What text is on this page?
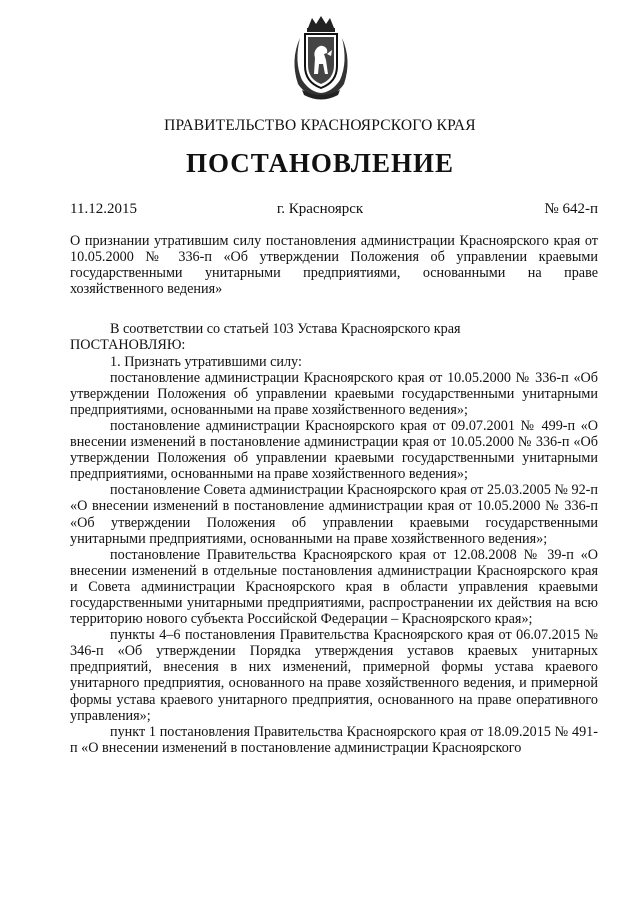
ПРАВИТЕЛЬСТВО КРАСНОЯРСКОГО КРАЯ
ПОСТАНОВЛЕНИЕ
11.12.2015	г. Красноярск	№ 642-п

О признании утратившим силу постановления администрации Красноярского края от 10.05.2000 № 336-п «Об утверждении Положения об управлении краевыми государственными унитарными предприятиями, основанными на праве хозяйственного ведения»

В соответствии со статьей 103 Устава Красноярского края

ПОСТАНОВЛЯЮ:

1. Признать утратившими силу:

постановление администрации Красноярского края от 10.05.2000 № 336-п «Об утверждении Положения об управлении краевыми государственными унитарными предприятиями, основанными на праве хозяйственного ведения»;

постановление администрации Красноярского края от 09.07.2001 № 499-п «О внесении изменений в постановление администрации края от 10.05.2000 № 336-п «Об утверждении Положения об управлении краевыми государственными унитарными предприятиями, основанными на праве хозяйственного ведения»;

постановление Совета администрации Красноярского края от 25.03.2005 № 92-п «О внесении изменений в постановление администрации края от 10.05.2000 № 336-п «Об утверждении Положения об управлении краевыми государственными унитарными предприятиями, основанными на праве хозяйственного ведения»;

постановление Правительства Красноярского края от 12.08.2008 № 39-п «О внесении изменений в отдельные постановления администрации Красноярского края и Совета администрации Красноярского края в области управления краевыми государственными унитарными предприятиями, распространении их действия на всю территорию нового субъекта Российской Федерации – Красноярского края»;

пункты 4–6 постановления Правительства Красноярского края от 06.07.2015 № 346-п «Об утверждении Порядка утверждения уставов краевых унитарных предприятий, внесения в них изменений, примерной формы устава краевого унитарного предприятия, основанного на праве хозяйственного ведения, и примерной формы устава краевого унитарного предприятия, основанного на праве оперативного управления»;

пункт 1 постановления Правительства Красноярского края от 18.09.2015 № 491-п «О внесении изменений в постановление администрации Красноярского
